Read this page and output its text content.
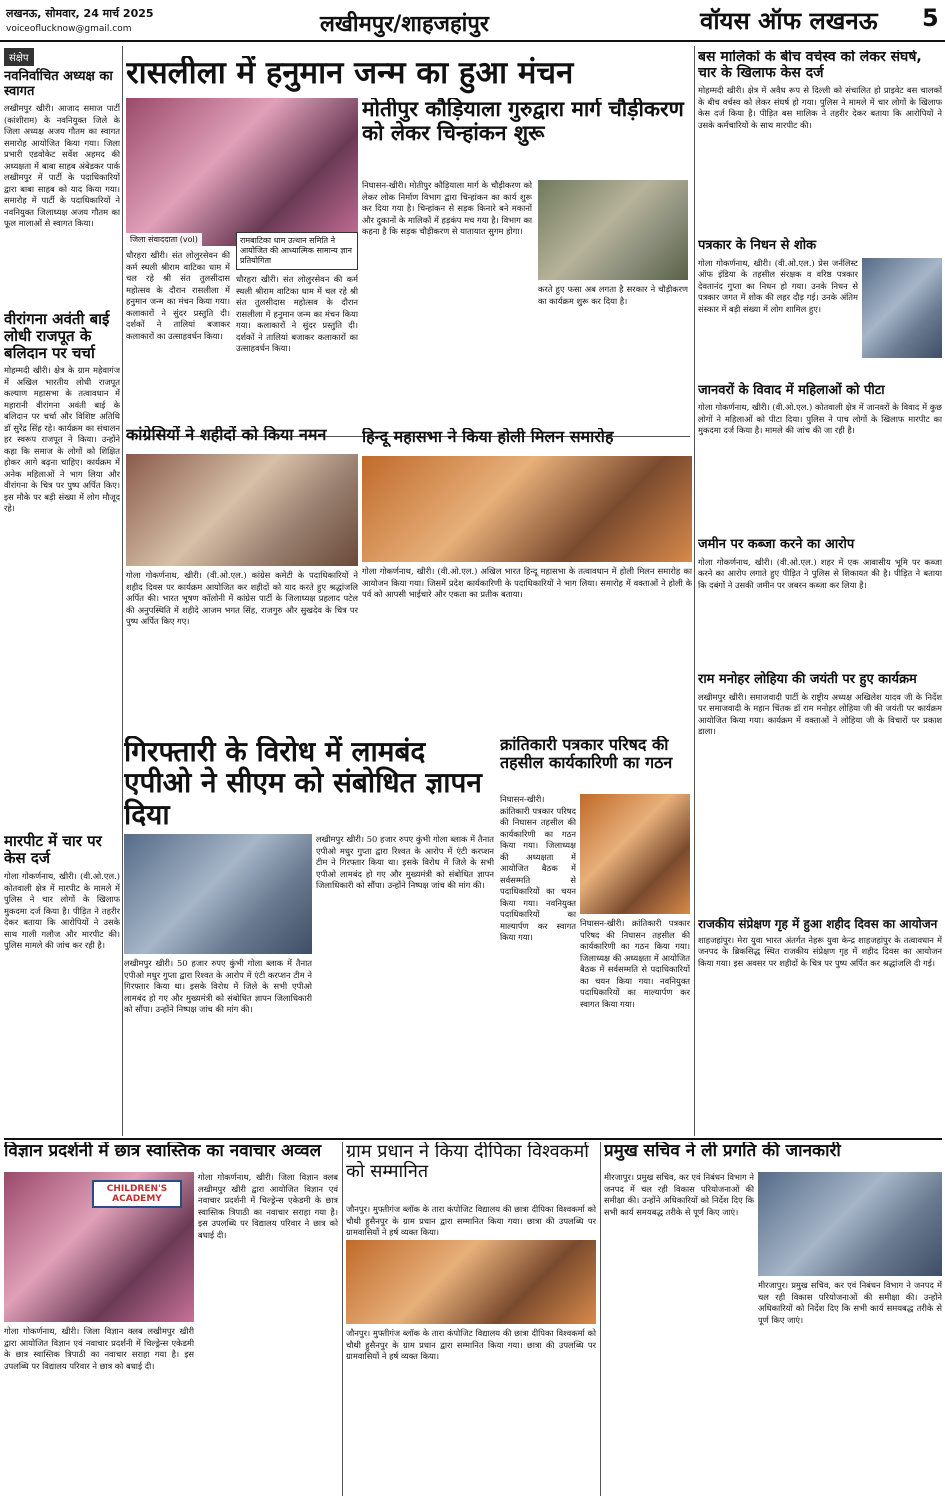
लखनऊ, सोमवार, 24 मार्च 2025
voiceoflucknow@gmail.com	लखीमपुर/शाहजहांपुर	वॉयस ऑफ लखनऊ 5
संक्षेप
नवनिर्वाचित अध्यक्ष का स्वागत
लखीमपुर खीरी। आजाद समाज पार्टी (कांशीराम) के नवनियुक्त जिले के जिला अध्यक्ष अजय गौतम का स्वागत समारोह आयोजित किया गया। जिला प्रभारी एडवोकेट सर्वेश अहमद की अध्यक्षता में बाबा साहब अंबेडकर पार्क लखीमपुर में पार्टी के पदाधिकारियों द्वारा बाबा साहब को याद किया गया। समारोह में पार्टी के पदाधिकारियों ने नवनियुक्त जिलाध्यक्ष अजय गौतम का फूल मालाओं से स्वागत किया।
वीरांगना अवंती बाई लोधी राजपूत के बलिदान पर चर्चा
मोहम्मदी खीरी। क्षेत्र के ग्राम महेवागंज में अखिल भारतीय लोधी राजपूत कल्याण महासभा के तत्वावधान में महारानी वीरांगना अवंती बाई के बलिदान पर चर्चा और विशिष्ट अतिथि डॉ सुरेंद्र सिंह रहे। कार्यक्रम का संचालन हर स्वरूप राजपूत ने किया। उन्होंने कहा कि समाज के लोगों को शिक्षित होकर आगे बढ़ना चाहिए। कार्यक्रम में अनेक महिलाओं ने भाग लिया और वीरांगना के चित्र पर पुष्प अर्पित किए। इस मौके पर बड़ी संख्या में लोग मौजूद रहे।
मारपीट में चार पर केस दर्ज
गोला गोकर्णनाथ, खीरी। (वी.ओ.एल.) कोतवाली क्षेत्र में मारपीट के मामले में पुलिस ने चार लोगों के खिलाफ मुकदमा दर्ज किया है। पीड़ित ने तहरीर देकर बताया कि आरोपियों ने उसके साथ गाली गलौज और मारपीट की। पुलिस मामले की जांच कर रही है।
रासलीला में हनुमान जन्म का हुआ मंचन
जिला संवाददाता (vol)
धौरहरा खीरी। संत लोलुरसेवन की कर्म स्थली श्रीराम वाटिका धाम में चल रहे श्री संत तुलसीदास महोत्सव के दौरान रासलीला में हनुमान जन्म का मंचन किया गया। कलाकारों ने सुंदर प्रस्तुति दी। दर्शकों ने तालियां बजाकर कलाकारों का उत्साहवर्धन किया।
रामबाटिका धाम उत्थान समिति ने आयोजित की आध्यात्मिक सामान्य ज्ञान प्रतियोगिता
धौरहरा खीरी। संत लोलुरसेवन की कर्म स्थली श्रीराम वाटिका धाम में चल रहे श्री संत तुलसीदास महोत्सव के दौरान रासलीला में हनुमान जन्म का मंचन किया गया। कलाकारों ने सुंदर प्रस्तुति दी। दर्शकों ने तालियां बजाकर कलाकारों का उत्साहवर्धन किया।
मोतीपुर कौड़ियाला गुरुद्वारा मार्ग चौड़ीकरण को लेकर चिन्हांकन शुरू
निघासन-खीरी। मोतीपुर कौड़ियाला मार्ग के चौड़ीकरण को लेकर लोक निर्माण विभाग द्वारा चिन्हांकन का कार्य शुरू कर दिया गया है। चिन्हांकन से सड़क किनारे बने मकानों और दुकानों के मालिकों में हड़कंप मच गया है। विभाग का कहना है कि सड़क चौड़ीकरण से यातायात सुगम होगा।
करते हुए फसा अब लगता है सरकार ने चौड़ीकरण का कार्यक्रम शुरू कर दिया है।
कांग्रेसियों ने शहीदों को किया नमन
गोला गोकर्णनाथ, खीरी। (वी.ओ.एल.) कांग्रेस कमेटी के पदाधिकारियों ने शहीद दिवस पर कार्यक्रम आयोजित कर शहीदों को याद करते हुए श्रद्धांजलि अर्पित की। भारत भूषण कॉलोनी में कांग्रेस पार्टी के जिलाध्यक्ष प्रहलाद पटेल की अनुपस्थिति में शहीदे आजम भगत सिंह, राजगुरु और सुखदेव के चित्र पर पुष्प अर्पित किए गए।
हिन्दू महासभा ने किया होली मिलन समारोह
गोला गोकर्णनाथ, खीरी। (वी.ओ.एल.) अखिल भारत हिन्दू महासभा के तत्वावधान में होली मिलन समारोह का आयोजन किया गया। जिसमें प्रदेश कार्यकारिणी के पदाधिकारियों ने भाग लिया। समारोह में वक्ताओं ने होली के पर्व को आपसी भाईचारे और एकता का प्रतीक बताया।
गिरफ्तारी के विरोध में लामबंद एपीओ ने सीएम को संबोधित ज्ञापन दिया
लखीमपुर खीरी। 50 हजार रुपए कुंभी गोला ब्लाक में तैनात एपीओ मधुर गुप्ता द्वारा रिश्वत के आरोप में एंटी करप्शन टीम ने गिरफ्तार किया था। इसके विरोध में जिले के सभी एपीओ लामबंद हो गए और मुख्यमंत्री को संबोधित ज्ञापन जिलाधिकारी को सौंपा। उन्होंने निष्पक्ष जांच की मांग की।
लखीमपुर खीरी। 50 हजार रुपए कुंभी गोला ब्लाक में तैनात एपीओ मधुर गुप्ता द्वारा रिश्वत के आरोप में एंटी करप्शन टीम ने गिरफ्तार किया था। इसके विरोध में जिले के सभी एपीओ लामबंद हो गए और मुख्यमंत्री को संबोधित ज्ञापन जिलाधिकारी को सौंपा। उन्होंने निष्पक्ष जांच की मांग की।
क्रांतिकारी पत्रकार परिषद की तहसील कार्यकारिणी का गठन
निघासन-खीरी। क्रांतिकारी पत्रकार परिषद की निघासन तहसील की कार्यकारिणी का गठन किया गया। जिलाध्यक्ष की अध्यक्षता में आयोजित बैठक में सर्वसम्मति से पदाधिकारियों का चयन किया गया। नवनियुक्त पदाधिकारियों का माल्यार्पण कर स्वागत किया गया।
निघासन-खीरी। क्रांतिकारी पत्रकार परिषद की निघासन तहसील की कार्यकारिणी का गठन किया गया। जिलाध्यक्ष की अध्यक्षता में आयोजित बैठक में सर्वसम्मति से पदाधिकारियों का चयन किया गया। नवनियुक्त पदाधिकारियों का माल्यार्पण कर स्वागत किया गया।
बस मालिकों के बीच वर्चस्व को लेकर संघर्ष, चार के खिलाफ केस दर्ज
मोहम्मदी खीरी। क्षेत्र में अवैध रूप से दिल्ली को संचालित हो प्राइवेट बस चालकों के बीच वर्चस्व को लेकर संघर्ष हो गया। पुलिस ने मामले में चार लोगों के खिलाफ केस दर्ज किया है। पीड़ित बस मालिक ने तहरीर देकर बताया कि आरोपियों ने उसके कर्मचारियों के साथ मारपीट की।
पत्रकार के निधन से शोक
गोला गोकर्णनाथ, खीरी। (वी.ओ.एल.) प्रेस जर्नलिस्ट ऑफ इंडिया के तहसील संरक्षक व वरिष्ठ पत्रकार देवतानंद गुप्ता का निधन हो गया। उनके निधन से पत्रकार जगत में शोक की लहर दौड़ गई। उनके अंतिम संस्कार में बड़ी संख्या में लोग शामिल हुए।
जानवरों के विवाद में महिलाओं को पीटा
गोला गोकर्णनाथ, खीरी। (वी.ओ.एल.) कोतवाली क्षेत्र में जानवरों के विवाद में कुछ लोगों ने महिलाओं को पीटा दिया। पुलिस ने पाच लोगों के खिलाफ मारपीट का मुकदमा दर्ज किया है। मामले की जांच की जा रही है।
जमीन पर कब्जा करने का आरोप
गोला गोकर्णनाथ, खीरी। (वी.ओ.एल.) शहर में एक आवासीय भूमि पर कब्जा करने का आरोप लगाते हुए पीड़ित ने पुलिस से शिकायत की है। पीड़ित ने बताया कि दबंगों ने उसकी जमीन पर जबरन कब्जा कर लिया है।
राम मनोहर लोहिया की जयंती पर हुए कार्यक्रम
लखीमपुर खीरी। समाजवादी पार्टी के राष्ट्रीय अध्यक्ष अखिलेश यादव जी के निर्देश पर समाजवादी के महान चिंतक डॉ राम मनोहर लोहिया जी की जयंती पर कार्यक्रम आयोजित किया गया। कार्यक्रम में वक्ताओं ने लोहिया जी के विचारों पर प्रकाश डाला।
राजकीय संप्रेक्षण गृह में हुआ शहीद दिवस का आयोजन
शाहजहांपुर। मेरा युवा भारत अंतर्गत नेहरू युवा केन्द्र शाहजहांपुर के तत्वावधान में जनपद के ब्रिकसिद्ध स्थित राजकीय संप्रेक्षण गृह में शहीद दिवस का आयोजन किया गया। इस अवसर पर शहीदों के चित्र पर पुष्प अर्पित कर श्रद्धांजलि दी गई।
विज्ञान प्रदर्शनी में छात्र स्वास्तिक का नवाचार अव्वल
CHILDREN'S ACADEMY
गोला गोकर्णनाथ, खीरी। जिला विज्ञान क्लब लखीमपुर खीरी द्वारा आयोजित विज्ञान एवं नवाचार प्रदर्शनी में चिल्ड्रेन्स एकेडमी के छात्र स्वास्तिक त्रिपाठी का नवाचार सराहा गया है। इस उपलब्धि पर विद्यालय परिवार ने छात्र को बधाई दी।
गोला गोकर्णनाथ, खीरी। जिला विज्ञान क्लब लखीमपुर खीरी द्वारा आयोजित विज्ञान एवं नवाचार प्रदर्शनी में चिल्ड्रेन्स एकेडमी के छात्र स्वास्तिक त्रिपाठी का नवाचार सराहा गया है। इस उपलब्धि पर विद्यालय परिवार ने छात्र को बधाई दी।
ग्राम प्रधान ने किया दीपिका विश्वकर्मा को सम्मानित
जौनपुर। मुफ्तीगंज ब्लॉक के तारा कंपोजिट विद्यालय की छात्रा दीपिका विश्वकर्मा को चौथी हुसैनपुर के ग्राम प्रधान द्वारा सम्मानित किया गया। छात्रा की उपलब्धि पर ग्रामवासियों ने हर्ष व्यक्त किया।
जौनपुर। मुफ्तीगंज ब्लॉक के तारा कंपोजिट विद्यालय की छात्रा दीपिका विश्वकर्मा को चौथी हुसैनपुर के ग्राम प्रधान द्वारा सम्मानित किया गया। छात्रा की उपलब्धि पर ग्रामवासियों ने हर्ष व्यक्त किया।
प्रमुख सचिव ने ली प्रगति की जानकारी
मीरजापुर। प्रमुख सचिव, कर एवं निबंधन विभाग ने जनपद में चल रही विकास परियोजनाओं की समीक्षा की। उन्होंने अधिकारियों को निर्देश दिए कि सभी कार्य समयबद्ध तरीके से पूर्ण किए जाएं।
मीरजापुर। प्रमुख सचिव, कर एवं निबंधन विभाग ने जनपद में चल रही विकास परियोजनाओं की समीक्षा की। उन्होंने अधिकारियों को निर्देश दिए कि सभी कार्य समयबद्ध तरीके से पूर्ण किए जाएं।
